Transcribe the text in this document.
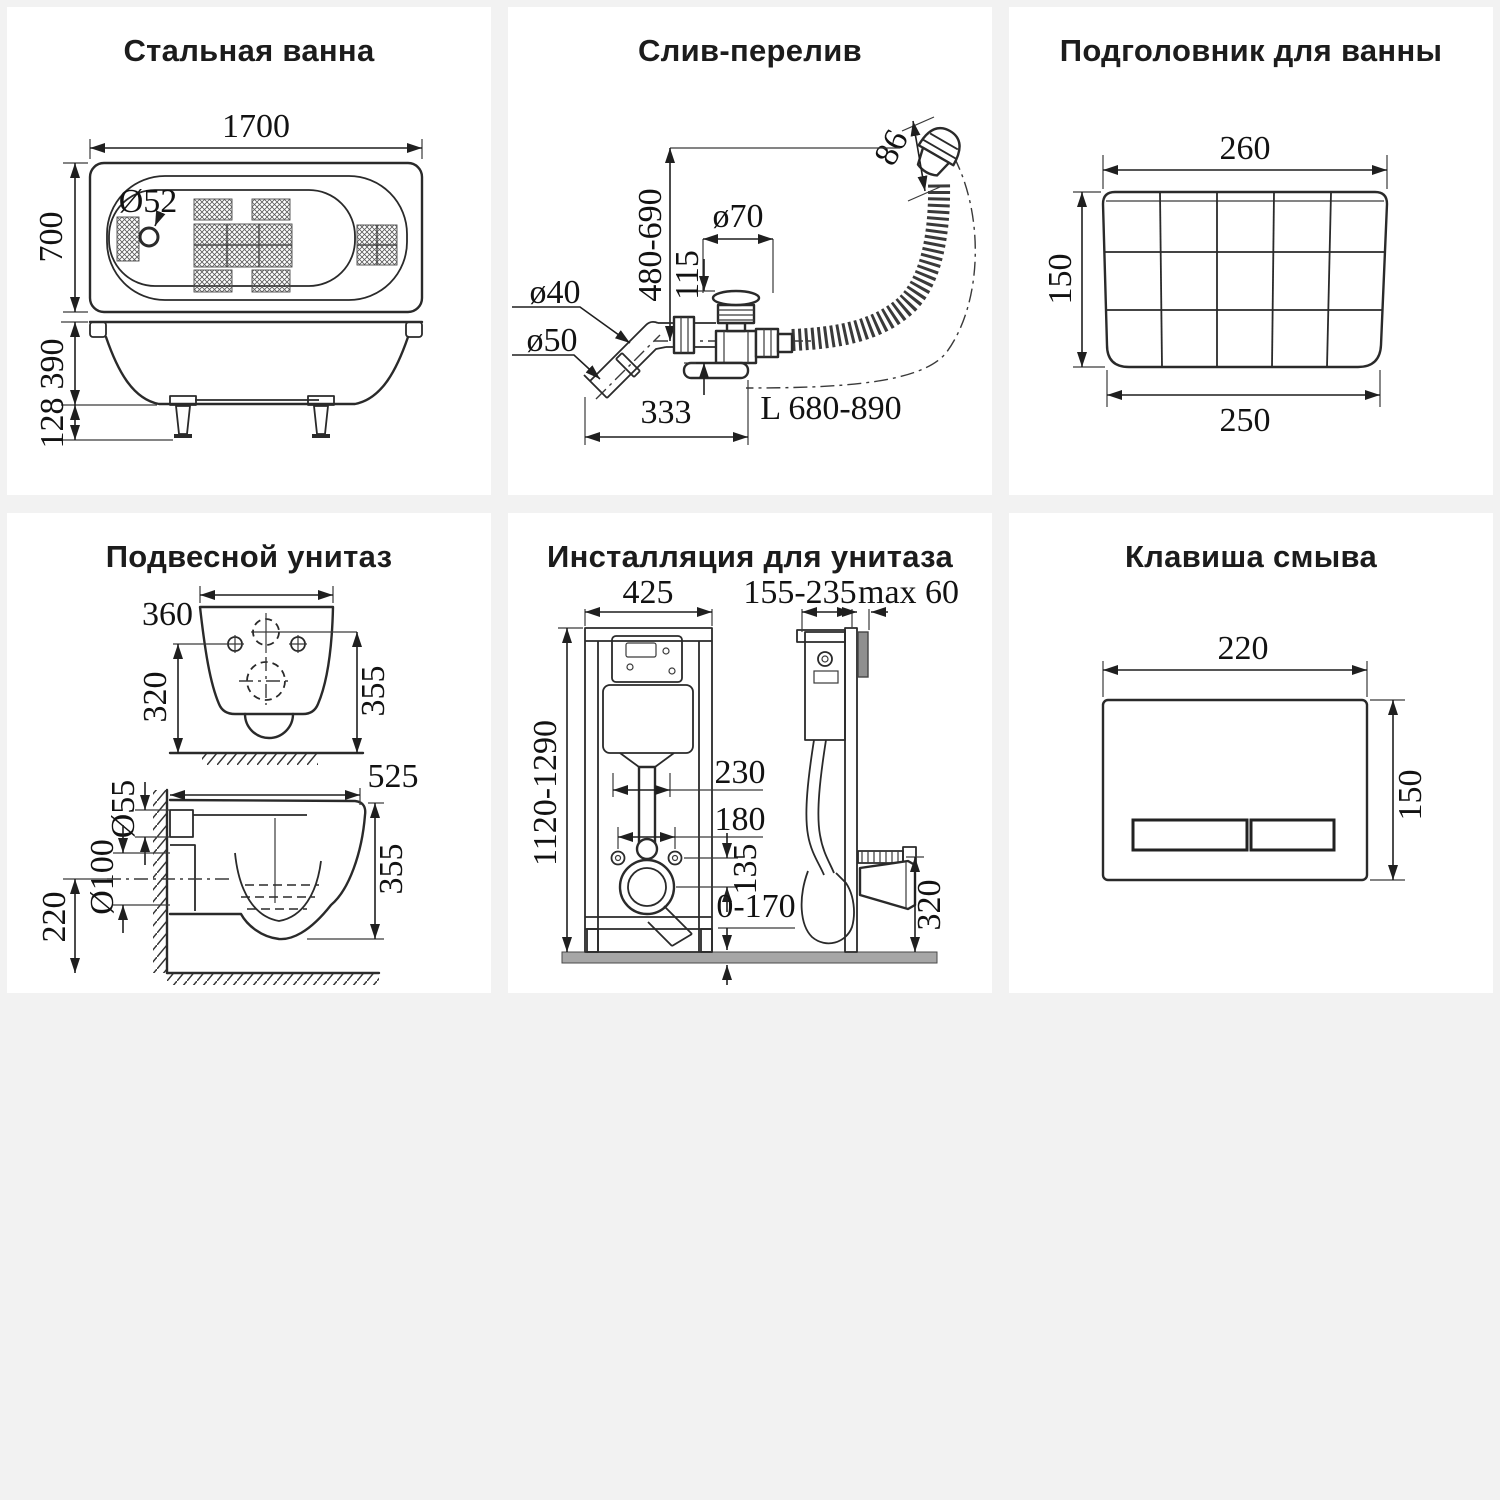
Стальная ванна
Ø52
1700
700
390
128
Слив-перелив
86
480-690 ø70
115
ø40
ø50
333 L 680-890
Подголовник для ванны
260
150
250
Подвесной унитаз
360
320	355
525
Ø55
Ø100
220
355
Инсталляция для унитаза
425 155-235 max 60
1120-1290	230
180
135
0-170	320
Клавиша смыва
220
150
